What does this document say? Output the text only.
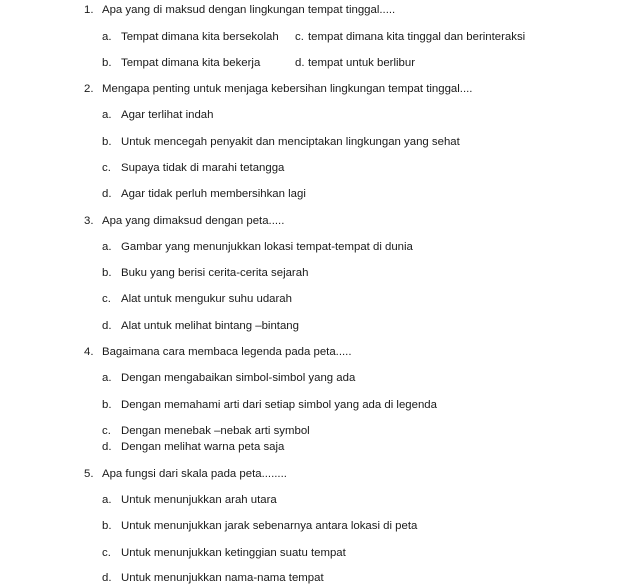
1. Apa yang di maksud dengan lingkungan tempat tinggal.....
a. Tempat dimana kita bersekolah c. tempat dimana kita tinggal dan berinteraksi
b. Tempat dimana kita bekerja	d. tempat untuk berlibur
2. Mengapa penting untuk menjaga kebersihan lingkungan tempat tinggal....
a. Agar terlihat indah
b. Untuk mencegah penyakit dan menciptakan lingkungan yang sehat
c. Supaya tidak di marahi tetangga
d. Agar tidak perluh membersihkan lagi
3. Apa yang dimaksud dengan peta.....
a. Gambar yang menunjukkan lokasi tempat-tempat di dunia
b. Buku yang berisi cerita-cerita sejarah
c. Alat untuk mengukur suhu udarah
d. Alat untuk melihat bintang –bintang
4. Bagaimana cara membaca legenda pada peta.....
a. Dengan mengabaikan simbol-simbol yang ada
b. Dengan memahami arti dari setiap simbol yang ada di legenda
c. Dengan menebak –nebak arti symbol
d. Dengan melihat warna peta saja
5. Apa fungsi dari skala pada peta........
a. Untuk menunjukkan arah utara
b. Untuk menunjukkan jarak sebenarnya antara lokasi di peta
c. Untuk menunjukkan ketinggian suatu tempat
d. Untuk menunjukkan nama-nama tempat
